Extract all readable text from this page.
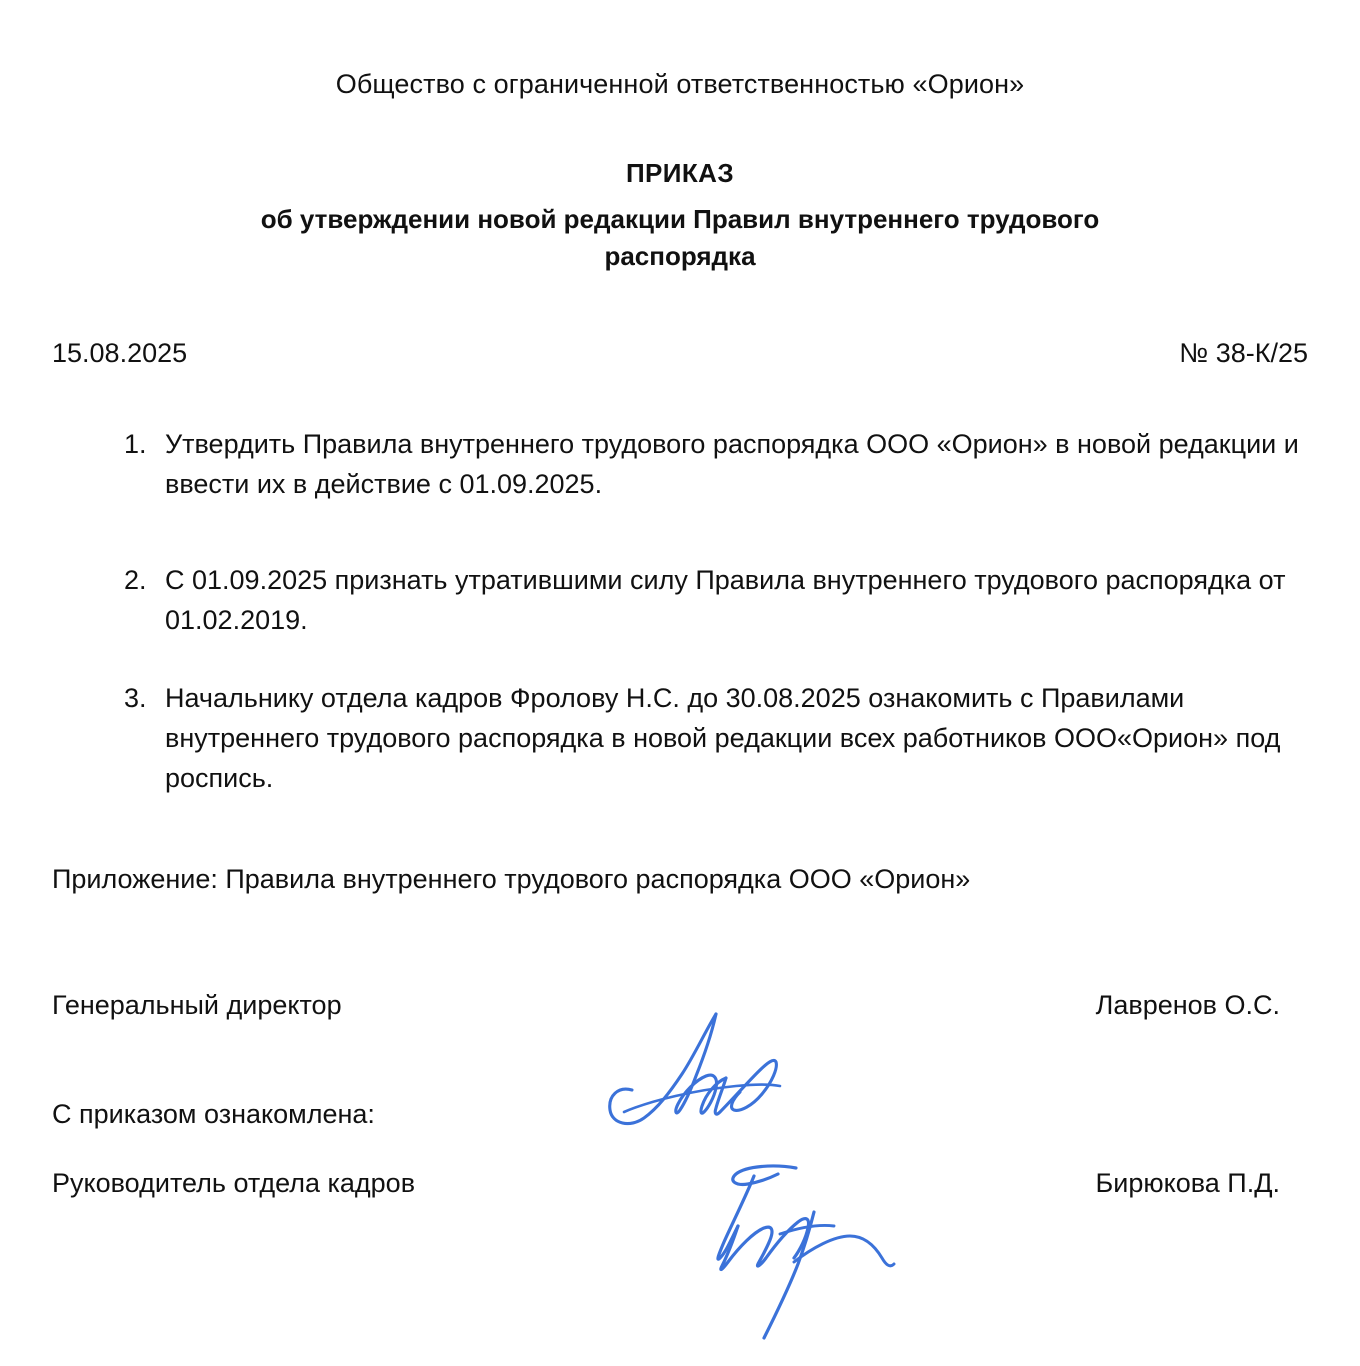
Общество с ограниченной ответственностью «Орион»
ПРИКАЗ
об утверждении новой редакции Правил внутреннего трудового распорядка
15.08.2025	№ 38-К/25
1. Утвердить Правила внутреннего трудового распорядка ООО «Орион» в новой редакции и ввести их в действие с 01.09.2025.
2. С 01.09.2025 признать утратившими силу Правила внутреннего трудового распорядка от 01.02.2019.
3. Начальнику отдела кадров Фролову Н.С. до 30.08.2025 ознакомить с Правилами внутреннего трудового распорядка в новой редакции всех работников ООО«Орион» под роспись.
Приложение: Правила внутреннего трудового распорядка ООО «Орион»
Генеральный директор	Лавренов О.С.
С приказом ознакомлена:
Руководитель отдела кадров	Бирюкова П.Д.
